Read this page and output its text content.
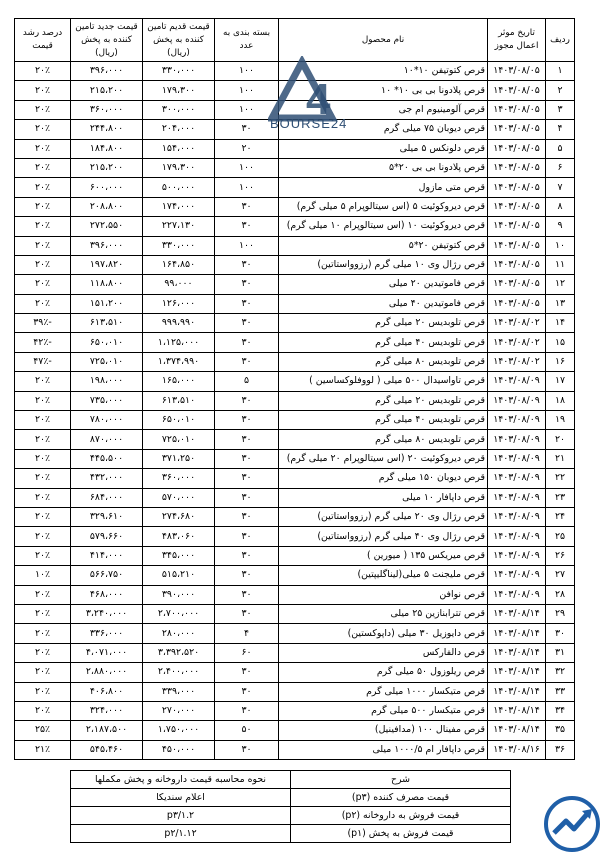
ردیف	تاریخ موثر اعمال مجوز	نام محصول	بسته بندی به عدد	قیمت قدیم تامین کننده به پخش (ریال)	قیمت جدید تامین کننده به پخش (ریال)	درصد رشد قیمت
۱	۱۴۰۳/۰۸/۰۵	قرص کتوتیفن ۱۰*۱۰	۱۰۰	۳۳۰،۰۰۰	۳۹۶،۰۰۰	۲۰٪
۲	۱۴۰۳/۰۸/۰۵	قرص پلادونا بی بی ۱۰* ۱۰	۱۰۰	۱۷۹،۳۰۰	۲۱۵،۲۰۰	۲۰٪
۳	۱۴۰۳/۰۸/۰۵	قرص آلومینیوم ام جی	۱۰۰	۳۰۰،۰۰۰	۳۶۰،۰۰۰	۲۰٪
۴	۱۴۰۳/۰۸/۰۵	قرص دیوبان ۷۵ میلی گرم	۳۰	۲۰۴،۰۰۰	۲۴۴،۸۰۰	۲۰٪
۵	۱۴۰۳/۰۸/۰۵	قرص دلونکس ۵ میلی	۲۰	۱۵۴،۰۰۰	۱۸۴،۸۰۰	۲۰٪
۶	۱۴۰۳/۰۸/۰۵	قرص پلادونا بی بی ۲۰*۵	۱۰۰	۱۷۹،۳۰۰	۲۱۵،۲۰۰	۲۰٪
۷	۱۴۰۳/۰۸/۰۵	قرص متی مازول	۱۰۰	۵۰۰،۰۰۰	۶۰۰،۰۰۰	۲۰٪
۸	۱۴۰۳/۰۸/۰۵	قرص دیروکوئیت ۵ (اس سیتالوپرام ۵ میلی گرم)	۳۰	۱۷۴،۰۰۰	۲۰۸،۸۰۰	۲۰٪
۹	۱۴۰۳/۰۸/۰۵	قرص دیروکوئیت ۱۰ (اس سیتالوپرام ۱۰ میلی گرم)	۳۰	۲۲۷،۱۳۰	۲۷۲،۵۵۰	۲۰٪
۱۰	۱۴۰۳/۰۸/۰۵	قرص کتوتیفن ۲۰*۵	۱۰۰	۳۳۰،۰۰۰	۳۹۶،۰۰۰	۲۰٪
۱۱	۱۴۰۳/۰۸/۰۵	قرص رژال وی ۱۰ میلی گرم (رزوواستاتین)	۳۰	۱۶۴،۸۵۰	۱۹۷،۸۲۰	۲۰٪
۱۲	۱۴۰۳/۰۸/۰۵	قرص فاموتیدین ۲۰ میلی	۳۰	۹۹،۰۰۰	۱۱۸،۸۰۰	۲۰٪
۱۳	۱۴۰۳/۰۸/۰۵	قرص فاموتیدین ۴۰ میلی	۳۰	۱۲۶،۰۰۰	۱۵۱،۲۰۰	۲۰٪
۱۴	۱۴۰۳/۰۸/۰۲	قرص تلوبدیس ۲۰ میلی گرم	۳۰	۹۹۹،۹۹۰	۶۱۳،۵۱۰	-۳۹٪
۱۵	۱۴۰۳/۰۸/۰۲	قرص تلوبدیس ۴۰ میلی گرم	۳۰	۱،۱۲۵،۰۰۰	۶۵۰،۰۱۰	-۴۲٪
۱۶	۱۴۰۳/۰۸/۰۲	قرص تلوبدیس ۸۰ میلی گرم	۳۰	۱،۳۷۴،۹۹۰	۷۲۵،۰۱۰	-۴۷٪
۱۷	۱۴۰۳/۰۸/۰۹	قرص تاواسیدال ۵۰۰ میلی ( لووفلوکساسین )	۵	۱۶۵،۰۰۰	۱۹۸،۰۰۰	۲۰٪
۱۸	۱۴۰۳/۰۸/۰۹	قرص تلوبدیس ۲۰ میلی گرم	۳۰	۶۱۳،۵۱۰	۷۳۵،۰۰۰	۲۰٪
۱۹	۱۴۰۳/۰۸/۰۹	قرص تلوبدیس ۴۰ میلی گرم	۳۰	۶۵۰،۰۱۰	۷۸۰،۰۰۰	۲۰٪
۲۰	۱۴۰۳/۰۸/۰۹	قرص تلوبدیس ۸۰ میلی گرم	۳۰	۷۲۵،۰۱۰	۸۷۰،۰۰۰	۲۰٪
۲۱	۱۴۰۳/۰۸/۰۹	قرص دیروکوئیت ۲۰ (اس سیتالوپرام ۲۰ میلی گرم)	۳۰	۳۷۱،۲۵۰	۴۴۵،۵۰۰	۲۰٪
۲۲	۱۴۰۳/۰۸/۰۹	قرص دیوبان ۱۵۰ میلی گرم	۳۰	۳۶۰،۰۰۰	۴۳۲،۰۰۰	۲۰٪
۲۳	۱۴۰۳/۰۸/۰۹	قرص داپافار ۱۰ میلی	۳۰	۵۷۰،۰۰۰	۶۸۴،۰۰۰	۲۰٪
۲۴	۱۴۰۳/۰۸/۰۹	قرص رژال وی ۲۰ میلی گرم (رزوواستاتین)	۳۰	۲۷۴،۶۸۰	۳۲۹،۶۱۰	۲۰٪
۲۵	۱۴۰۳/۰۸/۰۹	قرص رژال وی ۴۰ میلی گرم (رزوواستاتین)	۳۰	۴۸۳،۰۶۰	۵۷۹،۶۶۰	۲۰٪
۲۶	۱۴۰۳/۰۸/۰۹	قرص میریکس ۱۳۵ ( میورین )	۳۰	۳۴۵،۰۰۰	۴۱۴،۰۰۰	۲۰٪
۲۷	۱۴۰۳/۰۸/۰۹	قرص ملیجنت ۵ میلی(لیناگلیپتین)	۳۰	۵۱۵،۲۱۰	۵۶۶،۷۵۰	۱۰٪
۲۸	۱۴۰۳/۰۸/۰۹	قرص نوافن	۳۰	۳۹۰،۰۰۰	۴۶۸،۰۰۰	۲۰٪
۲۹	۱۴۰۳/۰۸/۱۴	قرص تترابنازین ۲۵ میلی	۳۰	۲،۷۰۰،۰۰۰	۳،۲۴۰،۰۰۰	۲۰٪
۳۰	۱۴۰۳/۰۸/۱۴	قرص دایوزیل ۳۰ میلی (داپوکستین)	۴	۲۸۰،۰۰۰	۳۳۶،۰۰۰	۲۰٪
۳۱	۱۴۰۳/۰۸/۱۴	قرص دالفارکس	۶۰	۳،۳۹۲،۵۲۰	۴،۰۷۱،۰۰۰	۲۰٪
۳۲	۱۴۰۳/۰۸/۱۴	قرص ریلوزول ۵۰ میلی گرم	۳۰	۲،۴۰۰،۰۰۰	۲،۸۸۰،۰۰۰	۲۰٪
۳۳	۱۴۰۳/۰۸/۱۴	قرص متیکسار ۱۰۰۰ میلی گرم	۳۰	۳۳۹،۰۰۰	۴۰۶،۸۰۰	۲۰٪
۳۴	۱۴۰۳/۰۸/۱۴	قرص متیکسار ۵۰۰ میلی گرم	۳۰	۲۷۰،۰۰۰	۳۲۴،۰۰۰	۲۰٪
۳۵	۱۴۰۳/۰۸/۱۴	قرص مفینال ۱۰۰ (مدافینیل)	۵۰	۱،۷۵۰،۰۰۰	۲،۱۸۷،۵۰۰	۲۵٪
۳۶	۱۴۰۳/۰۸/۱۶	قرص داپافار ام ۱۰۰۰/۵ میلی	۳۰	۴۵۰،۰۰۰	۵۴۵،۴۶۰	۲۱٪
4
BOURSE24
شرح	نحوه محاسبه قیمت داروخانه و پخش مکملها
قیمت مصرف کننده (p۳)	اعلام سندیکا
قیمت فروش به داروخانه (p۲)	p۳/۱.۲
قیمت فروش به پخش (p۱)	p۲/۱.۱۲
